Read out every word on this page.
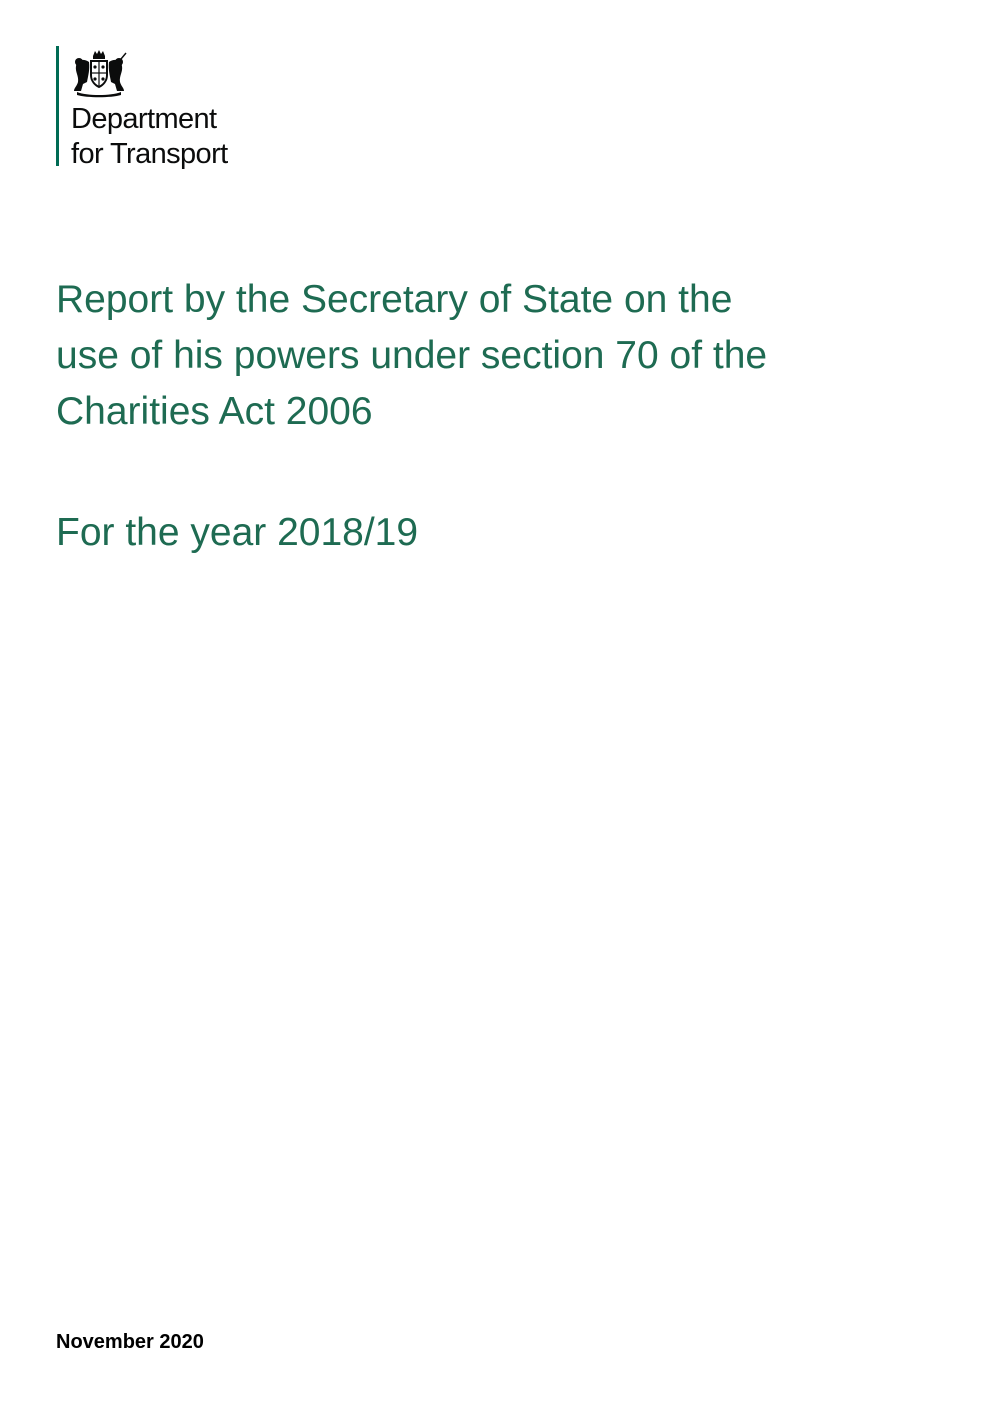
Department
for Transport
Report by the Secretary of State on the
use of his powers under section 70 of the
Charities Act 2006
For the year 2018/19
November 2020
